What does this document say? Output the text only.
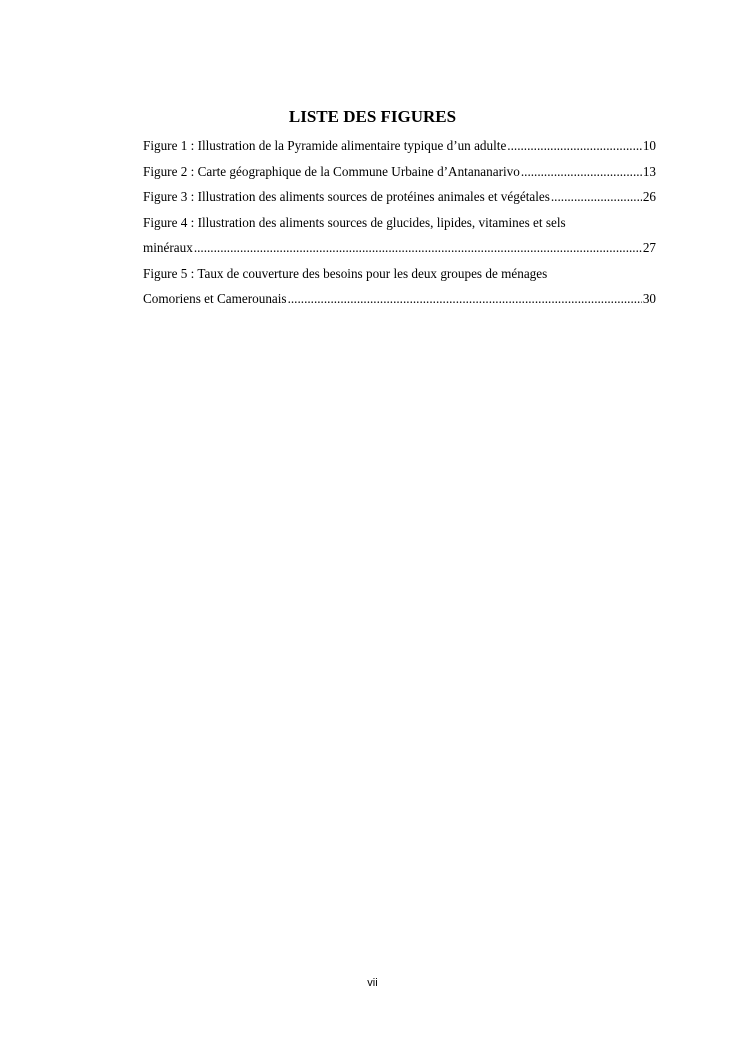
LISTE DES FIGURES
Figure 1 : Illustration de la Pyramide alimentaire typique d’un adulte .....	10
Figure 2 : Carte géographique de la Commune Urbaine d’Antananarivo .....	13
Figure 3 : Illustration des aliments sources de protéines animales et végétales .....	26
Figure 4 : Illustration des aliments sources de glucides, lipides, vitamines et sels
minéraux .....	27
Figure 5 : Taux de couverture des besoins pour les deux groupes de ménages
Comoriens et Camerounais .....	30
vii
